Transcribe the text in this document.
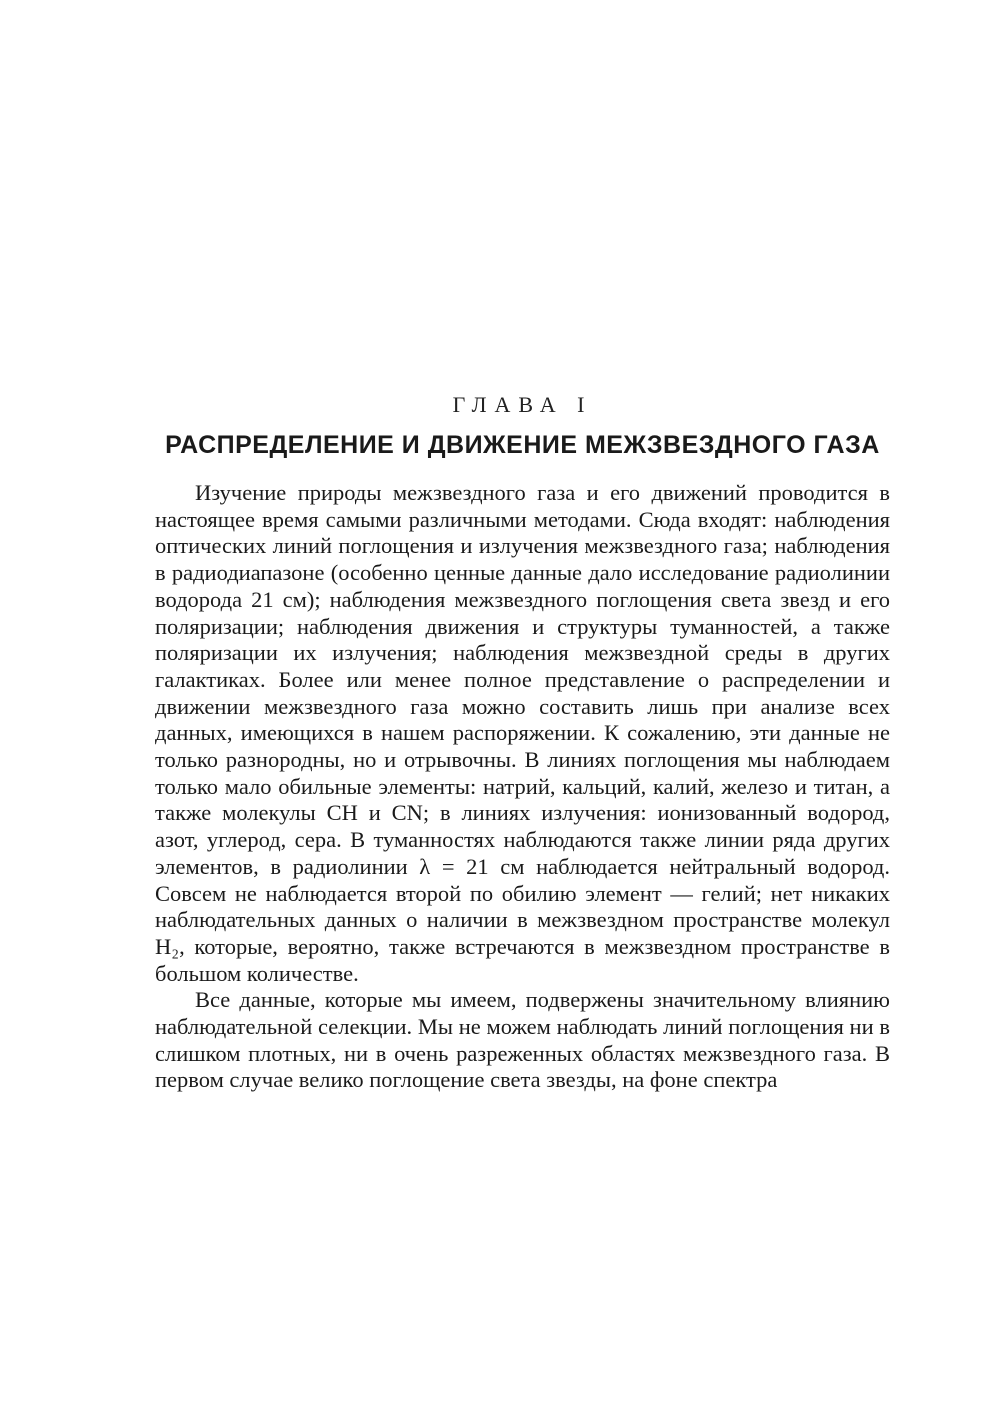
ГЛАВА I
РАСПРЕДЕЛЕНИЕ И ДВИЖЕНИЕ МЕЖЗВЕЗДНОГО ГАЗА

Изучение природы межзвездного газа и его движений проводится в настоящее время самыми различными методами. Сюда входят: наблюдения оптических линий поглощения и излучения межзвездного газа; наблюдения в радиодиапазоне (особенно ценные данные дало исследование радиолинии водорода 21 см); наблюдения межзвездного поглощения света звезд и его поляризации; наблюдения движения и структуры туманностей, а также поляризации их излучения; наблюдения межзвездной среды в других галактиках. Более или менее полное представление о распределении и движении межзвездного газа можно составить лишь при анализе всех данных, имеющихся в нашем распоряжении. К сожалению, эти данные не только разнородны, но и отрывочны. В линиях поглощения мы наблюдаем только мало обильные элементы: натрий, кальций, калий, железо и титан, а также молекулы CH и CN; в линиях излучения: ионизованный водород, азот, углерод, сера. В туманностях наблюдаются также линии ряда других элементов, в радиолинии λ = 21 см наблюдается нейтральный водород. Совсем не наблюдается второй по обилию элемент — гелий; нет никаких наблюдательных данных о наличии в межзвездном пространстве молекул H₂, которые, вероятно, также встречаются в межзвездном пространстве в большом количестве.

Все данные, которые мы имеем, подвержены значительному влиянию наблюдательной селекции. Мы не можем наблюдать линий поглощения ни в слишком плотных, ни в очень разреженных областях межзвездного газа. В первом случае велико поглощение света звезды, на фоне спектра
